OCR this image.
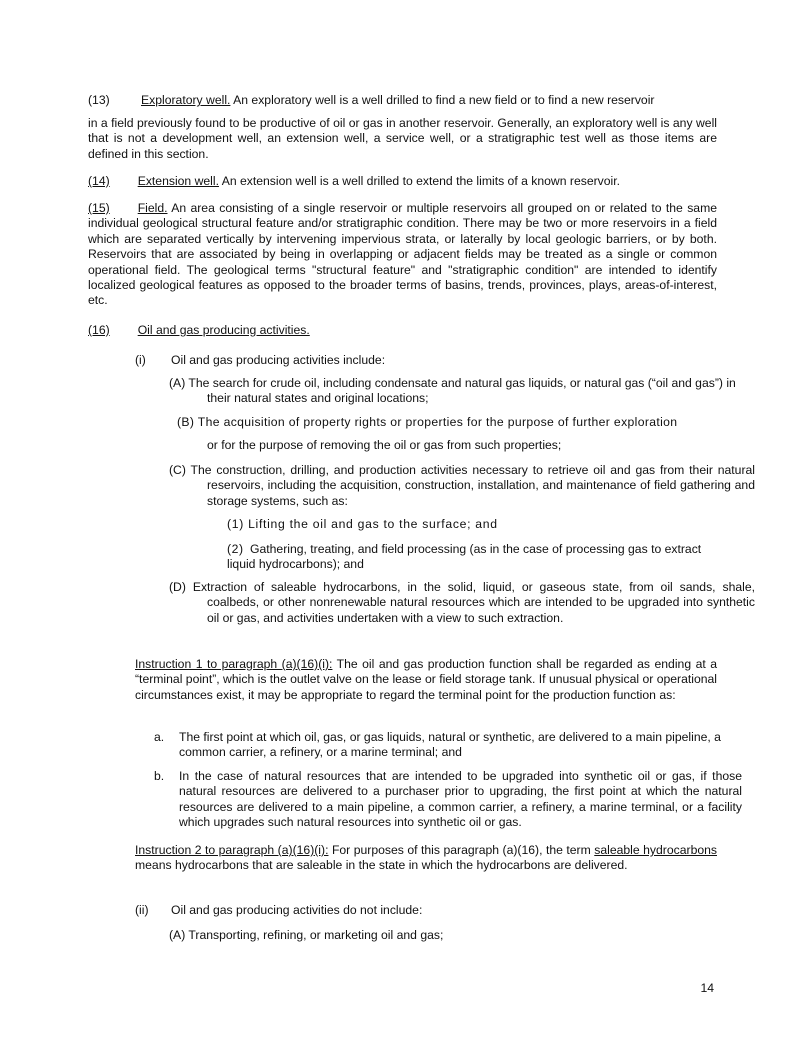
(13)	Exploratory well. An exploratory well is a well drilled to find a new field or to find a new reservoir
in a field previously found to be productive of oil or gas in another reservoir. Generally, an exploratory well is any well that is not a development well, an extension well, a service well, or a stratigraphic test well as those items are defined in this section.
(14) Extension well. An extension well is a well drilled to extend the limits of a known reservoir.
(15) Field. An area consisting of a single reservoir or multiple reservoirs all grouped on or related to the same individual geological structural feature and/or stratigraphic condition. There may be two or more reservoirs in a field which are separated vertically by intervening impervious strata, or laterally by local geologic barriers, or by both. Reservoirs that are associated by being in overlapping or adjacent fields may be treated as a single or common operational field. The geological terms "structural feature" and "stratigraphic condition" are intended to identify localized geological features as opposed to the broader terms of basins, trends, provinces, plays, areas-of-interest, etc.
(16) Oil and gas producing activities.
(i) Oil and gas producing activities include:
(A) The search for crude oil, including condensate and natural gas liquids, or natural gas (“oil and gas”) in their natural states and original locations;
(B) The acquisition of property rights or properties for the purpose of further exploration
or for the purpose of removing the oil or gas from such properties;
(C) The construction, drilling, and production activities necessary to retrieve oil and gas from their natural reservoirs, including the acquisition, construction, installation, and maintenance of field gathering and storage systems, such as:
(1) Lifting the oil and gas to the surface; and
(2) Gathering, treating, and field processing (as in the case of processing gas to extract liquid hydrocarbons); and
(D) Extraction of saleable hydrocarbons, in the solid, liquid, or gaseous state, from oil sands, shale, coalbeds, or other nonrenewable natural resources which are intended to be upgraded into synthetic oil or gas, and activities undertaken with a view to such extraction.
Instruction 1 to paragraph (a)(16)(i): The oil and gas production function shall be regarded as ending at a “terminal point”, which is the outlet valve on the lease or field storage tank. If unusual physical or operational circumstances exist, it may be appropriate to regard the terminal point for the production function as:
a. The first point at which oil, gas, or gas liquids, natural or synthetic, are delivered to a main pipeline, a common carrier, a refinery, or a marine terminal; and
b. In the case of natural resources that are intended to be upgraded into synthetic oil or gas, if those natural resources are delivered to a purchaser prior to upgrading, the first point at which the natural resources are delivered to a main pipeline, a common carrier, a refinery, a marine terminal, or a facility which upgrades such natural resources into synthetic oil or gas.
Instruction 2 to paragraph (a)(16)(i): For purposes of this paragraph (a)(16), the term saleable hydrocarbons means hydrocarbons that are saleable in the state in which the hydrocarbons are delivered.
(ii) Oil and gas producing activities do not include:
(A) Transporting, refining, or marketing oil and gas;
14
